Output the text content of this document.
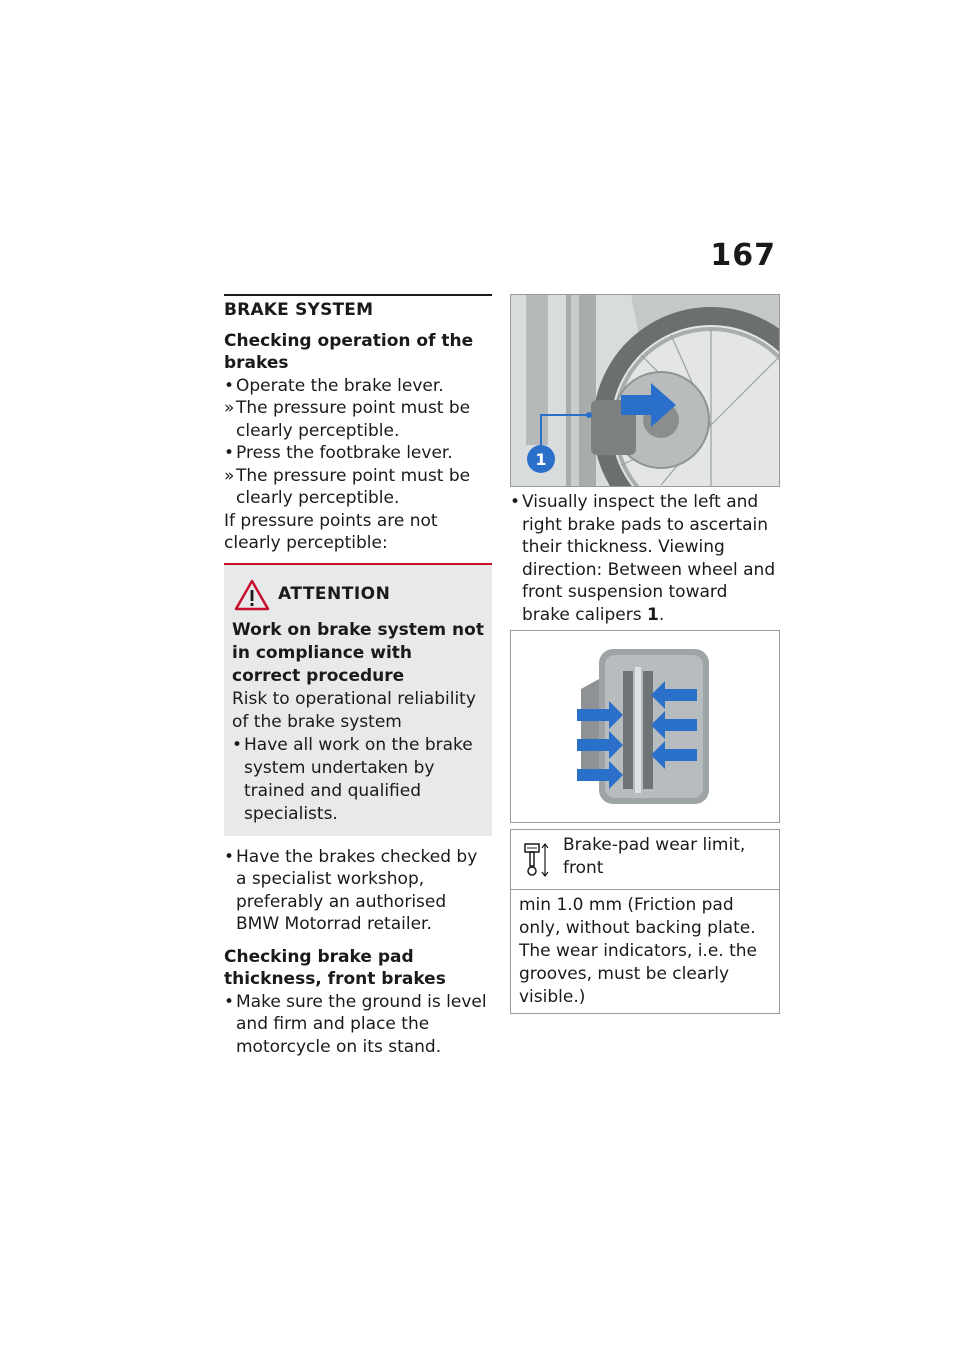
167
BRAKE SYSTEM
Checking operation of the brakes
• Operate the brake lever.
» The pressure point must be clearly perceptible.
• Press the footbrake lever.
» The pressure point must be clearly perceptible.
If pressure points are not clearly perceptible:
ATTENTION
Work on brake system not in compliance with correct procedure
Risk to operational reliability of the brake system
• Have all work on the brake system undertaken by trained and qualified specialists.
• Have the brakes checked by a specialist workshop, preferably an authorised BMW Motorrad retailer.
Checking brake pad thickness, front brakes
• Make sure the ground is level and firm and place the motorcycle on its stand.
1
• Visually inspect the left and right brake pads to ascertain their thickness. Viewing direction: Between wheel and front suspension toward brake calipers 1.
Brake-pad wear limit, front
min 1.0 mm (Friction pad only, without backing plate. The wear indicators, i.e. the grooves, must be clearly visible.)
